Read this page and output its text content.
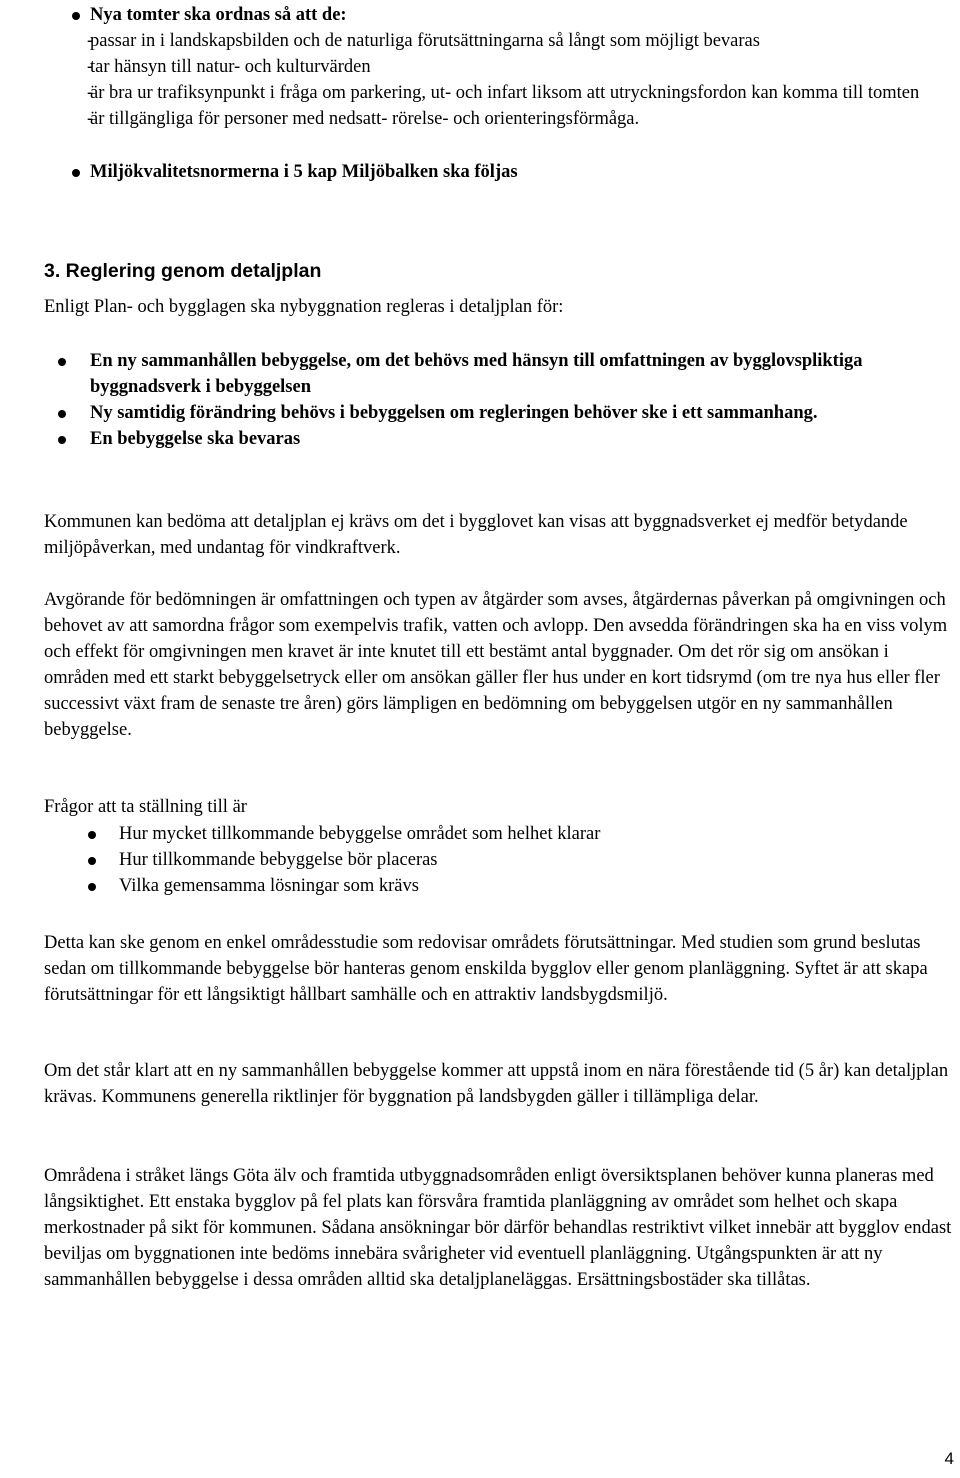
Nya tomter ska ordnas så att de:
- passar in i landskapsbilden och de naturliga förutsättningarna så långt som möjligt bevaras
- tar hänsyn till natur- och kulturvärden
- är bra ur trafiksynpunkt i fråga om parkering, ut- och infart liksom att utryckningsfordon kan komma till tomten
- är tillgängliga för personer med nedsatt- rörelse- och orienteringsförmåga.
Miljökvalitetsnormerna i 5 kap Miljöbalken ska följas
3. Reglering genom detaljplan
Enligt Plan- och bygglagen ska nybyggnation regleras i detaljplan för:
En ny sammanhållen bebyggelse, om det behövs med hänsyn till omfattningen av bygglovspliktiga byggnadsverk i bebyggelsen
Ny samtidig förändring behövs i bebyggelsen om regleringen behöver ske i ett sammanhang.
En bebyggelse ska bevaras

Kommunen kan bedöma att detaljplan ej krävs om det i bygglovet kan visas att byggnadsverket ej medför betydande miljöpåverkan, med undantag för vindkraftverk.

Avgörande för bedömningen är omfattningen och typen av åtgärder som avses, åtgärdernas påverkan på omgivningen och behovet av att samordna frågor som exempelvis trafik, vatten och avlopp. Den avsedda förändringen ska ha en viss volym och effekt för omgivningen men kravet är inte knutet till ett bestämt antal byggnader. Om det rör sig om ansökan i områden med ett starkt bebyggelsetryck eller om ansökan gäller fler hus under en kort tidsrymd (om tre nya hus eller fler successivt växt fram de senaste tre åren) görs lämpligen en bedömning om bebyggelsen utgör en ny sammanhållen bebyggelse.

Frågor att ta ställning till är

Hur mycket tillkommande bebyggelse området som helhet klarar
Hur tillkommande bebyggelse bör placeras
Vilka gemensamma lösningar som krävs

Detta kan ske genom en enkel områdesstudie som redovisar områdets förutsättningar. Med studien som grund beslutas sedan om tillkommande bebyggelse bör hanteras genom enskilda bygglov eller genom planläggning. Syftet är att skapa förutsättningar för ett långsiktigt hållbart samhälle och en attraktiv landsbygdsmiljö.

Om det står klart att en ny sammanhållen bebyggelse kommer att uppstå inom en nära förestående tid (5 år) kan detaljplan krävas. Kommunens generella riktlinjer för byggnation på landsbygden gäller i tillämpliga delar.

Områdena i stråket längs Göta älv och framtida utbyggnadsområden enligt översiktsplanen behöver kunna planeras med långsiktighet. Ett enstaka bygglov på fel plats kan försvåra framtida planläggning av området som helhet och skapa merkostnader på sikt för kommunen. Sådana ansökningar bör därför behandlas restriktivt vilket innebär att bygglov endast beviljas om byggnationen inte bedöms innebära svårigheter vid eventuell planläggning. Utgångspunkten är att ny sammanhållen bebyggelse i dessa områden alltid ska detaljplaneläggas. Ersättningsbostäder ska tillåtas.

4
